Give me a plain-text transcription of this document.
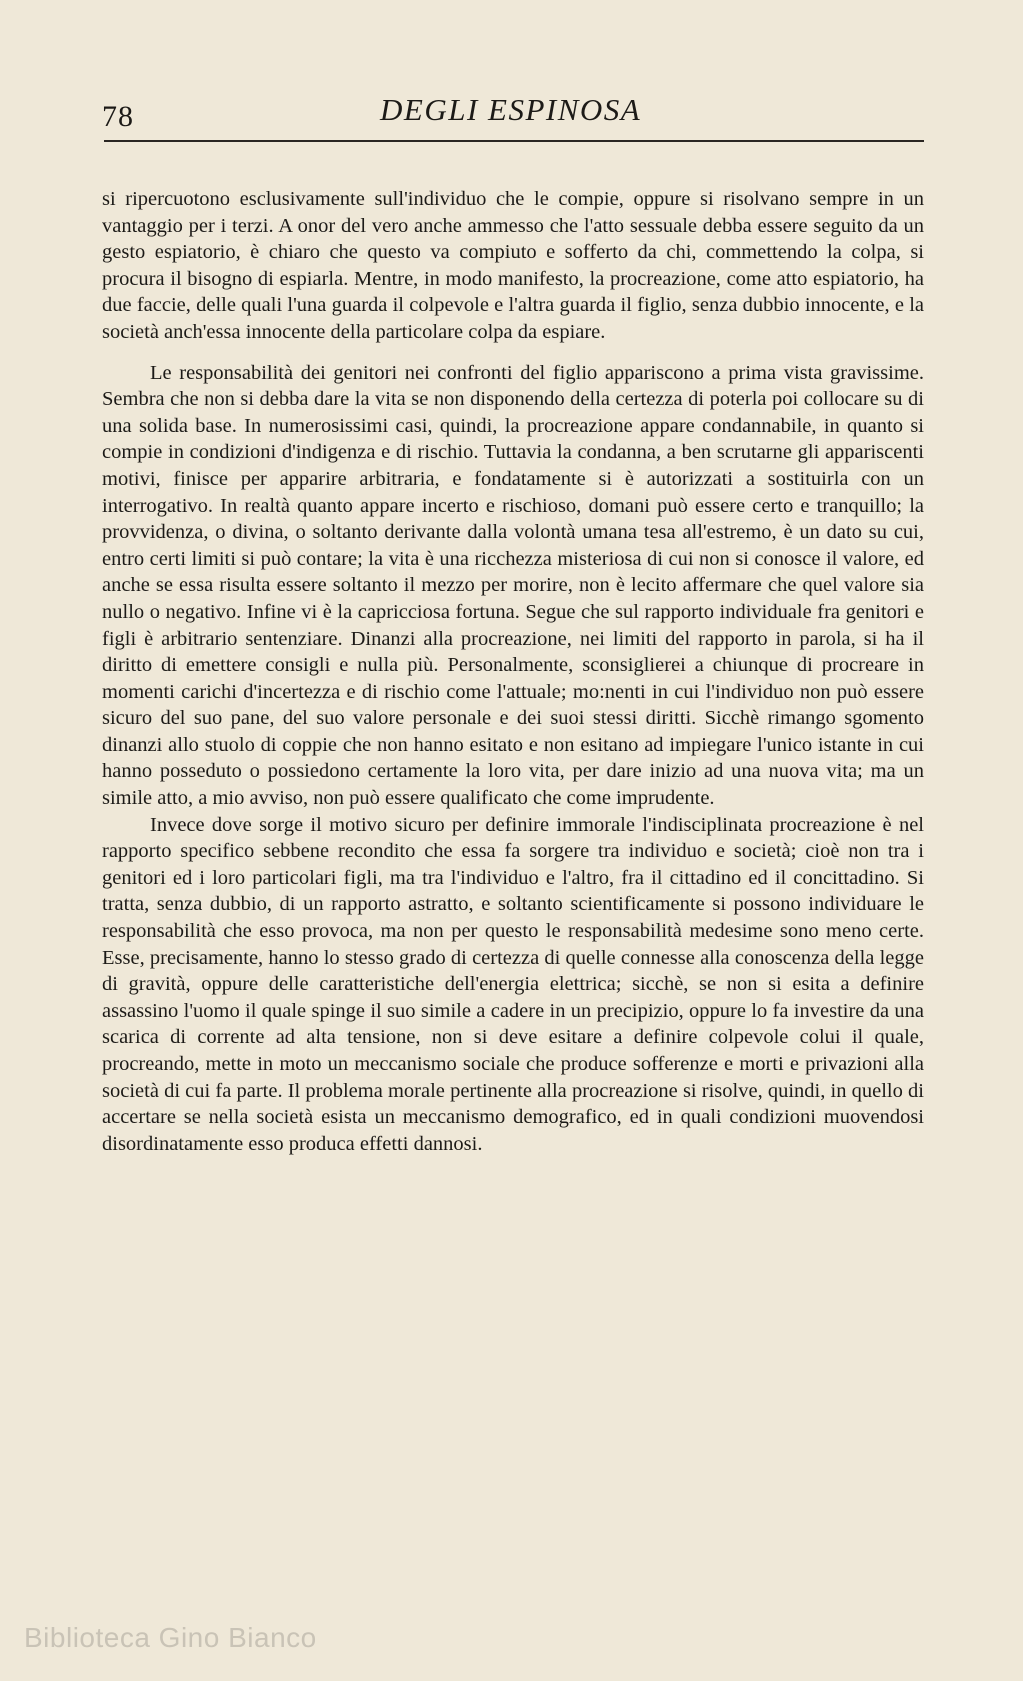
78	DEGLI ESPINOSA

si ripercuotono esclusivamente sull'individuo che le compie, oppure si risolvano sempre in un vantaggio per i terzi. A onor del vero anche ammesso che l'atto sessuale debba essere seguito da un gesto espiatorio, è chiaro che questo va compiuto e sofferto da chi, commettendo la colpa, si procura il bisogno di espiarla. Mentre, in modo manifesto, la procreazione, come atto espiatorio, ha due faccie, delle quali l'una guarda il colpevole e l'altra guarda il figlio, senza dubbio innocente, e la società anch'essa innocente della particolare colpa da espiare.

Le responsabilità dei genitori nei confronti del figlio appariscono a prima vista gravissime. Sembra che non si debba dare la vita se non disponendo della certezza di poterla poi collocare su di una solida base. In numerosissimi casi, quindi, la procreazione appare condannabile, in quanto si compie in condizioni d'indigenza e di rischio. Tuttavia la condanna, a ben scrutarne gli appariscenti motivi, finisce per apparire arbitraria, e fondatamente si è autorizzati a sostituirla con un interrogativo. In realtà quanto appare incerto e rischioso, domani può essere certo e tranquillo; la provvidenza, o divina, o soltanto derivante dalla volontà umana tesa all'estremo, è un dato su cui, entro certi limiti si può contare; la vita è una ricchezza misteriosa di cui non si conosce il valore, ed anche se essa risulta essere soltanto il mezzo per morire, non è lecito affermare che quel valore sia nullo o negativo. Infine vi è la capricciosa fortuna. Segue che sul rapporto individuale fra genitori e figli è arbitrario sentenziare. Dinanzi alla procreazione, nei limiti del rapporto in parola, si ha il diritto di emettere consigli e nulla più. Personalmente, sconsiglierei a chiunque di procreare in momenti carichi d'incertezza e di rischio come l'attuale; mo:nenti in cui l'individuo non può essere sicuro del suo pane, del suo valore personale e dei suoi stessi diritti. Sicchè rimango sgomento dinanzi allo stuolo di coppie che non hanno esitato e non esitano ad impiegare l'unico istante in cui hanno posseduto o possiedono certamente la loro vita, per dare inizio ad una nuova vita; ma un simile atto, a mio avviso, non può essere qualificato che come imprudente.

Invece dove sorge il motivo sicuro per definire immorale l'indisciplinata procreazione è nel rapporto specifico sebbene recondito che essa fa sorgere tra individuo e società; cioè non tra i genitori ed i loro particolari figli, ma tra l'individuo e l'altro, fra il cittadino ed il concittadino. Si tratta, senza dubbio, di un rapporto astratto, e soltanto scientificamente si possono individuare le responsabilità che esso provoca, ma non per questo le responsabilità medesime sono meno certe. Esse, precisamente, hanno lo stesso grado di certezza di quelle connesse alla conoscenza della legge di gravità, oppure delle caratteristiche dell'energia elettrica; sicchè, se non si esita a definire assassino l'uomo il quale spinge il suo simile a cadere in un precipizio, oppure lo fa investire da una scarica di corrente ad alta tensione, non si deve esitare a definire colpevole colui il quale, procreando, mette in moto un meccanismo sociale che produce sofferenze e morti e privazioni alla società di cui fa parte. Il problema morale pertinente alla procreazione si risolve, quindi, in quello di accertare se nella società esista un meccanismo demografico, ed in quali condizioni muovendosi disordinatamente esso produca effetti dannosi.

Biblioteca Gino Bianco
